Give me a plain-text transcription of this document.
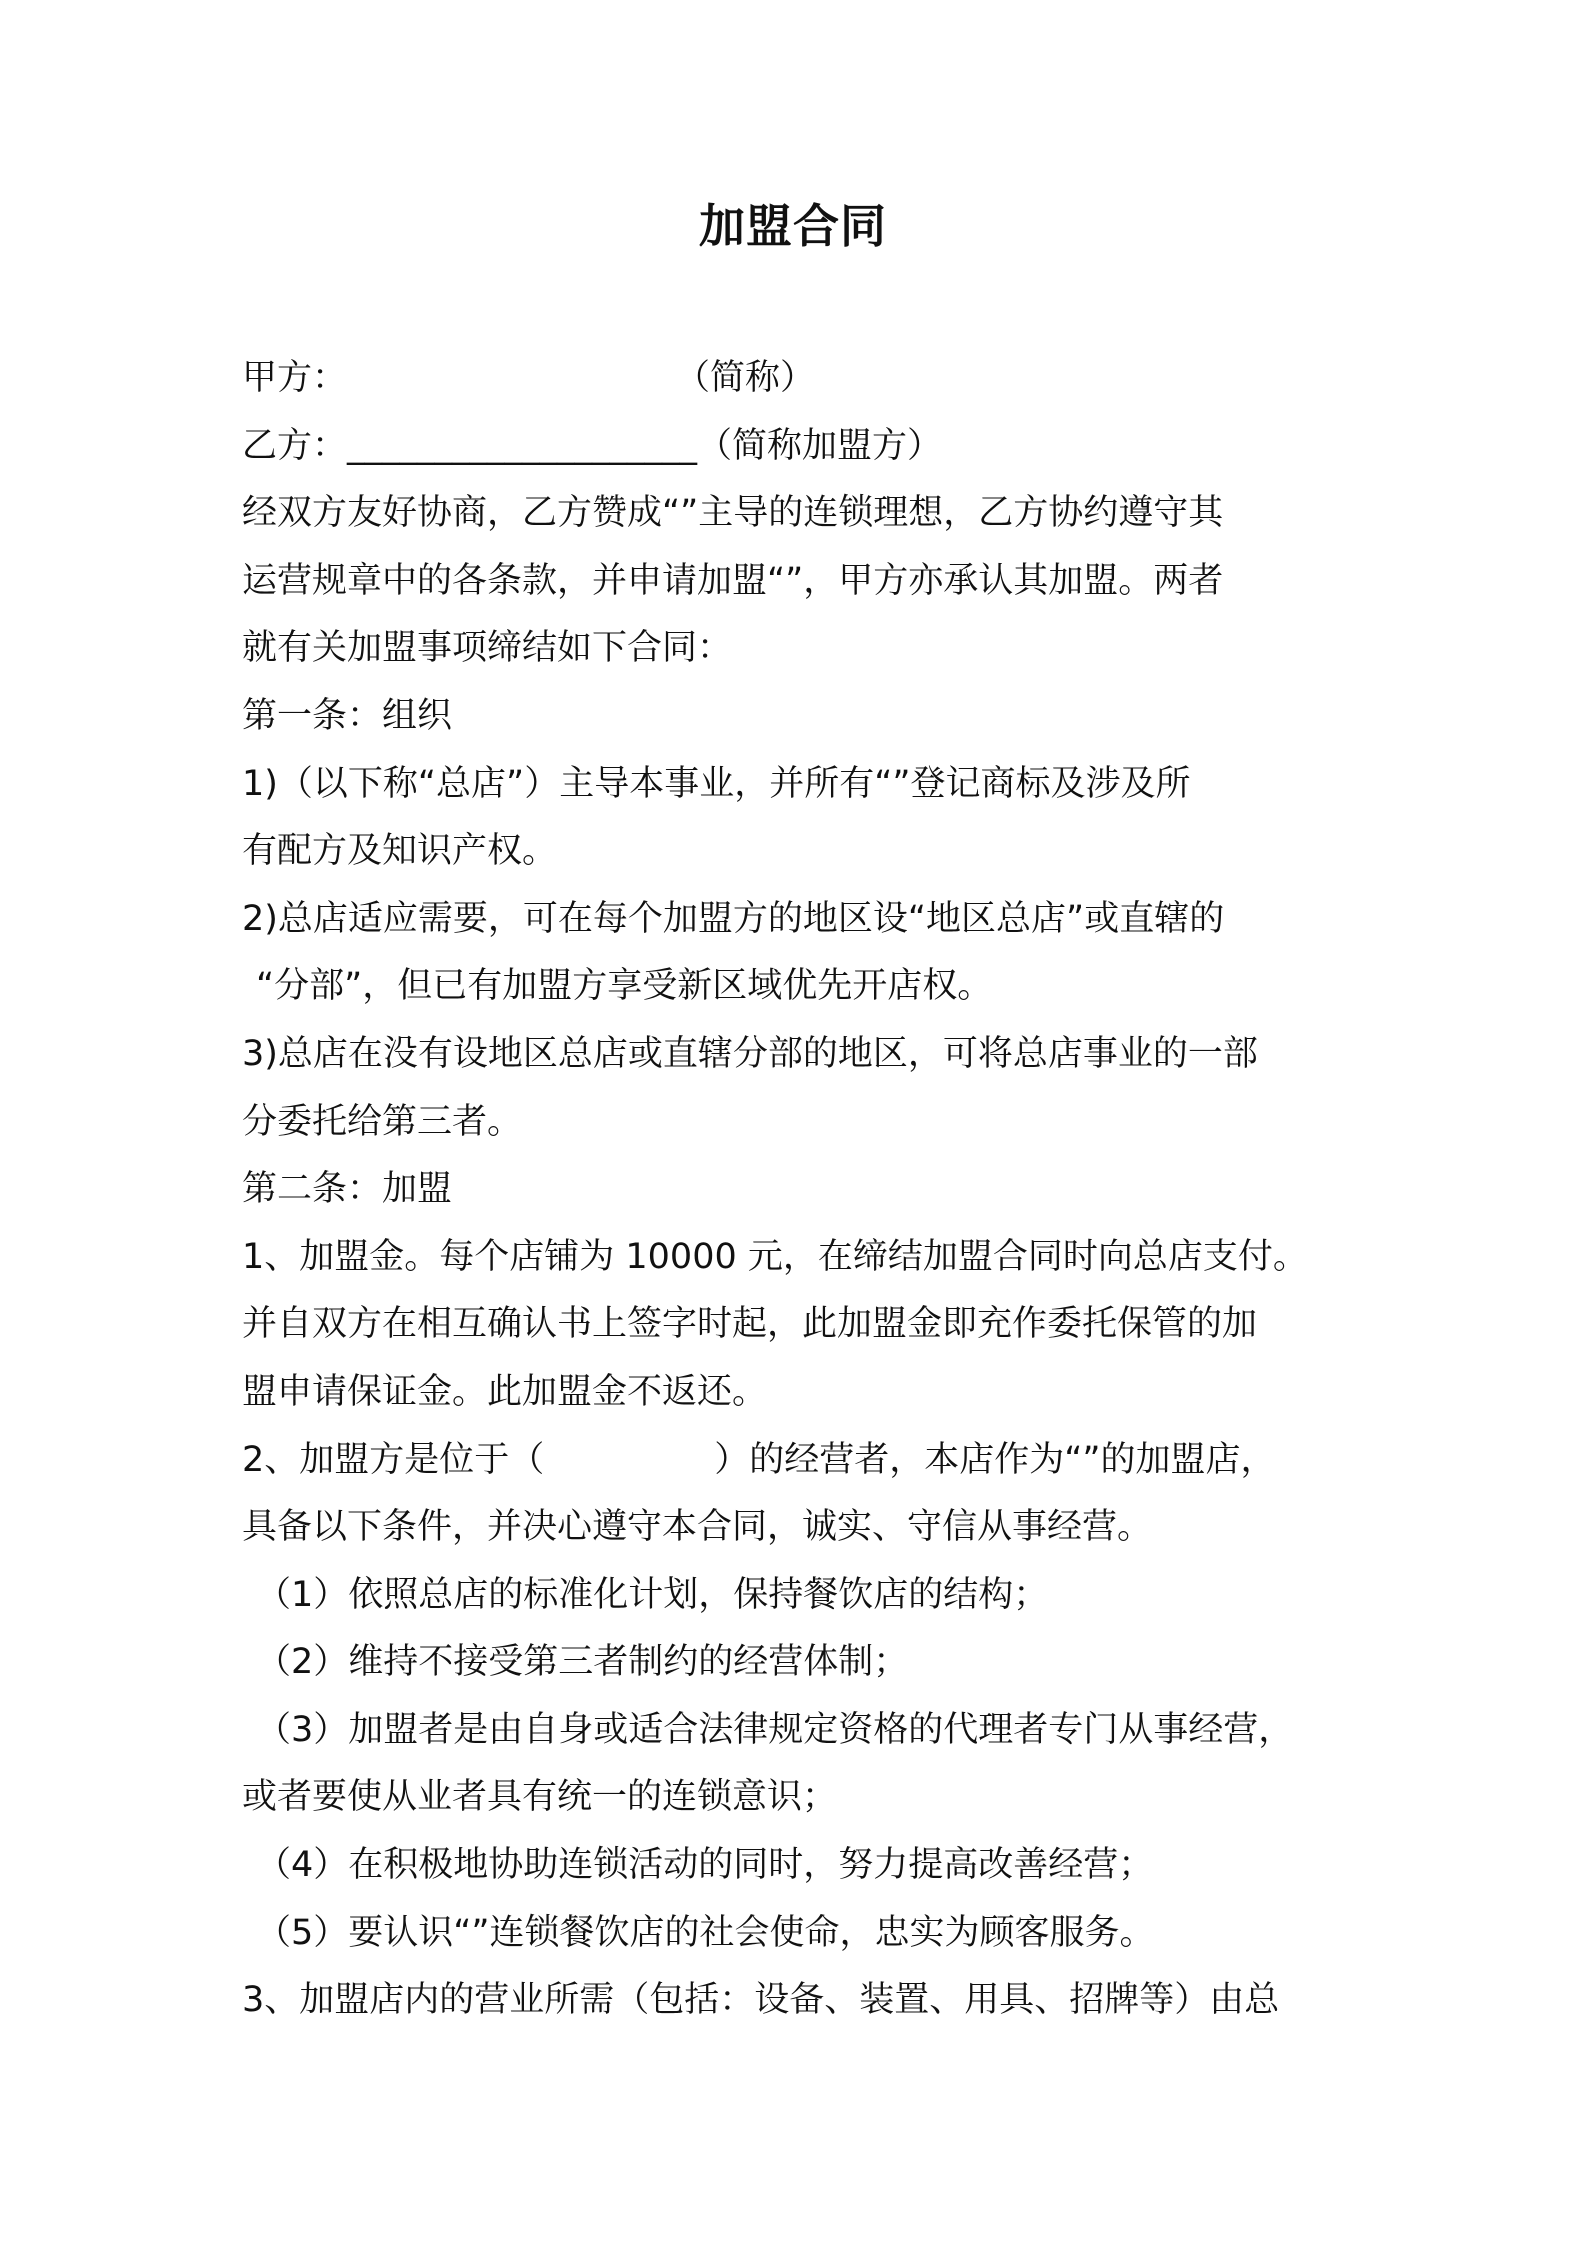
加盟合同
甲方：	（简称）
乙方：____________________（简称加盟方）
经双方友好协商，乙方赞成“”主导的连锁理想，乙方协约遵守其
运营规章中的各条款，并申请加盟“”，甲方亦承认其加盟。两者
就有关加盟事项缔结如下合同：
第一条：组织
1)（以下称“总店”）主导本事业，并所有“”登记商标及涉及所
有配方及知识产权。
2)总店适应需要，可在每个加盟方的地区设“地区总店”或直辖的
“分部”，但已有加盟方享受新区域优先开店权。
3)总店在没有设地区总店或直辖分部的地区，可将总店事业的一部
分委托给第三者。
第二条：加盟
1、加盟金。每个店铺为 10000 元，在缔结加盟合同时向总店支付。
并自双方在相互确认书上签字时起，此加盟金即充作委托保管的加
盟申请保证金。此加盟金不返还。
2、加盟方是位于（	）的经营者，本店作为“”的加盟店，
具备以下条件，并决心遵守本合同，诚实、守信从事经营。
（1）依照总店的标准化计划，保持餐饮店的结构；
（2）维持不接受第三者制约的经营体制；
（3）加盟者是由自身或适合法律规定资格的代理者专门从事经营，
或者要使从业者具有统一的连锁意识；
（4）在积极地协助连锁活动的同时，努力提高改善经营；
（5）要认识“”连锁餐饮店的社会使命，忠实为顾客服务。
3、加盟店内的营业所需（包括：设备、装置、用具、招牌等）由总
